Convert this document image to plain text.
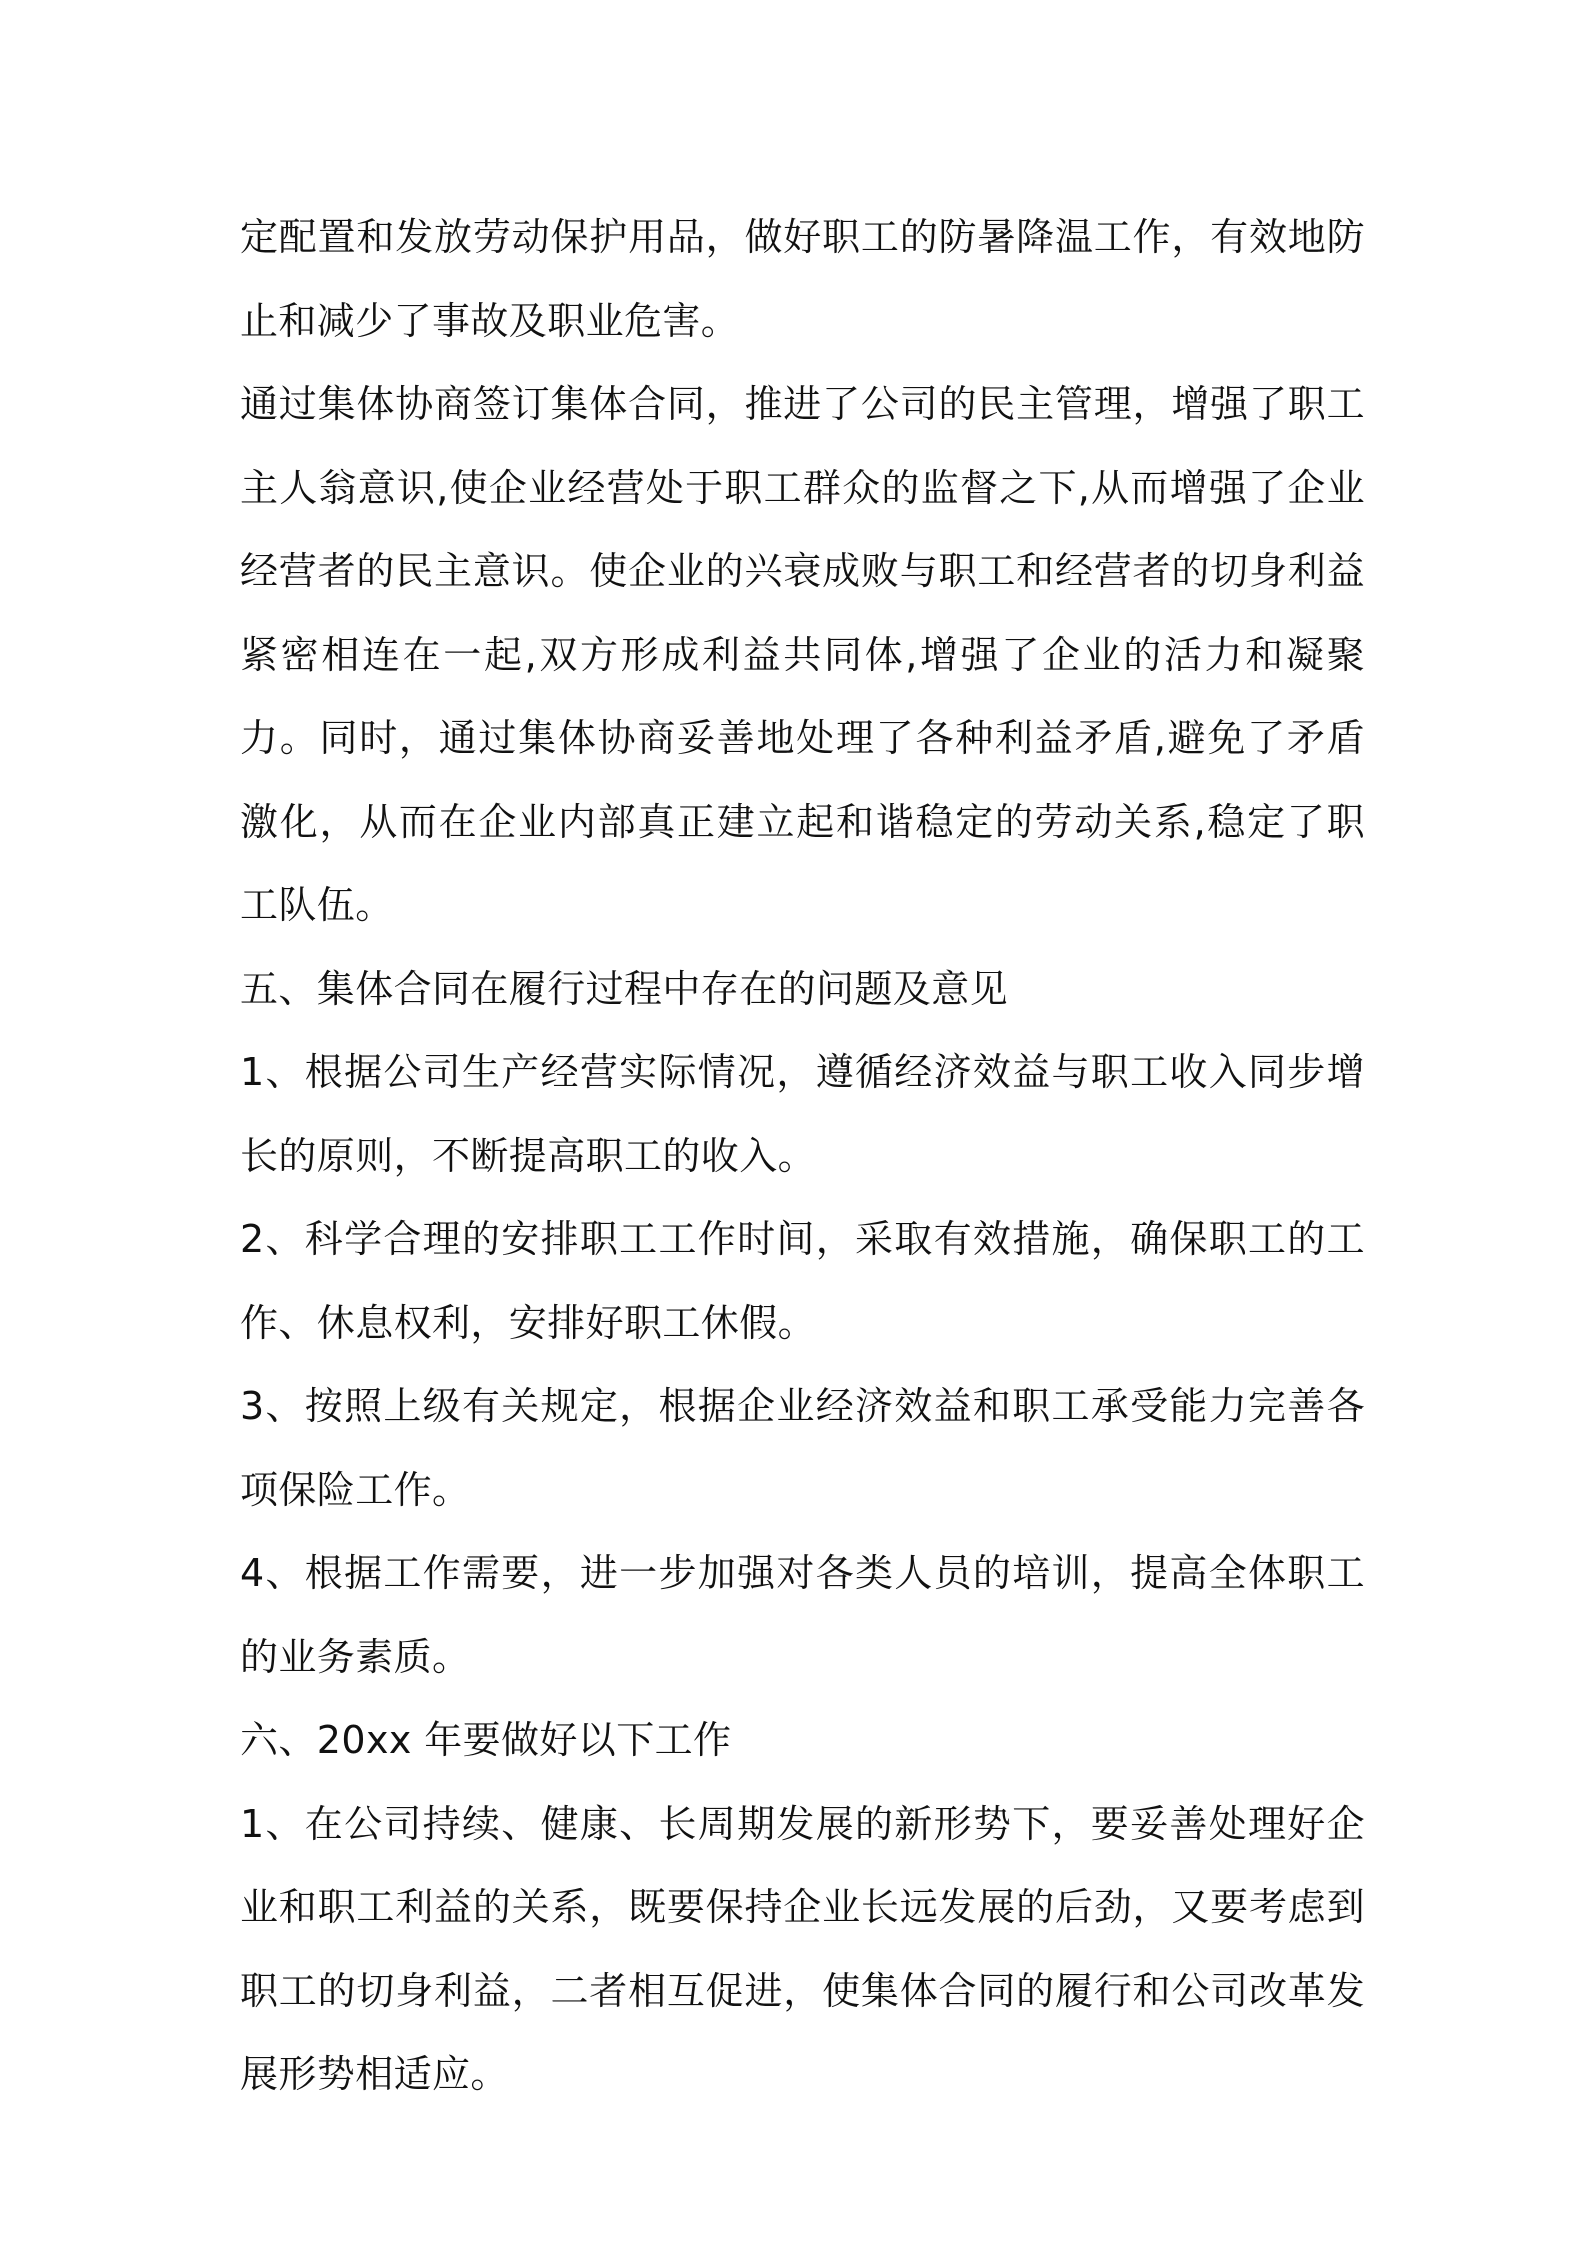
定配置和发放劳动保护用品，做好职工的防暑降温工作，有效地防止和减少了事故及职业危害。

通过集体协商签订集体合同，推进了公司的民主管理，增强了职工主人翁意识,使企业经营处于职工群众的监督之下,从而增强了企业经营者的民主意识。使企业的兴衰成败与职工和经营者的切身利益紧密相连在一起,双方形成利益共同体,增强了企业的活力和凝聚力。同时，通过集体协商妥善地处理了各种利益矛盾,避免了矛盾激化，从而在企业内部真正建立起和谐稳定的劳动关系,稳定了职工队伍。

五、集体合同在履行过程中存在的问题及意见

1、根据公司生产经营实际情况，遵循经济效益与职工收入同步增长的原则，不断提高职工的收入。

2、科学合理的安排职工工作时间，采取有效措施，确保职工的工作、休息权利，安排好职工休假。

3、按照上级有关规定，根据企业经济效益和职工承受能力完善各项保险工作。

4、根据工作需要，进一步加强对各类人员的培训，提高全体职工的业务素质。

六、20xx 年要做好以下工作

1、在公司持续、健康、长周期发展的新形势下，要妥善处理好企业和职工利益的关系，既要保持企业长远发展的后劲，又要考虑到职工的切身利益，二者相互促进，使集体合同的履行和公司改革发展形势相适应。
